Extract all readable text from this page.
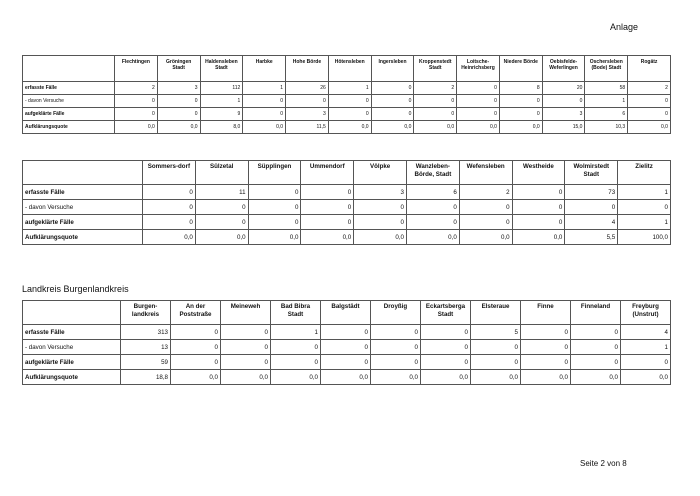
Anlage
	Flechtingen	Gröningen Stadt	Haldensleben Stadt	Harbke	Hohe Börde	Hötensleben	Ingersleben	Kroppenstedt Stadt	Loitsche-Heinrichsberg	Niedere Börde	Oebisfelde-Weferlingen	Oschersleben (Bode) Stadt	Rogätz
erfasste Fälle	2	3	112	1	26	1	0	2	0	8	20	58	2
- davon Versuche	0	0	1	0	0	0	0	0	0	0	0	1	0
aufgeklärte Fälle	0	0	9	0	3	0	0	0	0	0	3	6	0
Aufklärungsquote	0,0	0,0	8,0	0,0	11,5	0,0	0,0	0,0	0,0	0,0	15,0	10,3	0,0
	Sommers-dorf	Sülzetal	Süpplingen	Ummendorf	Völpke	Wanzleben-Börde, Stadt	Wefensleben	Westheide	Wolmirstedt Stadt	Zielitz
erfasste Fälle	0	11	0	0	3	6	2	0	73	1
- davon Versuche	0	0	0	0	0	0	0	0	0	0
aufgeklärte Fälle	0	0	0	0	0	0	0	0	4	1
Aufklärungsquote	0,0	0,0	0,0	0,0	0,0	0,0	0,0	0,0	5,5	100,0
Landkreis Burgenlandkreis
	Burgen-landkreis	An der Poststraße	Meineweh	Bad Bibra Stadt	Balgstädt	Droyßig	Eckartsberga Stadt	Elsteraue	Finne	Finneland	Freyburg (Unstrut)
erfasste Fälle	313	0	0	1	0	0	0	5	0	0	4
- davon Versuche	13	0	0	0	0	0	0	0	0	0	1
aufgeklärte Fälle	59	0	0	0	0	0	0	0	0	0	0
Aufklärungsquote	18,8	0,0	0,0	0,0	0,0	0,0	0,0	0,0	0,0	0,0	0,0
Seite 2 von 8
